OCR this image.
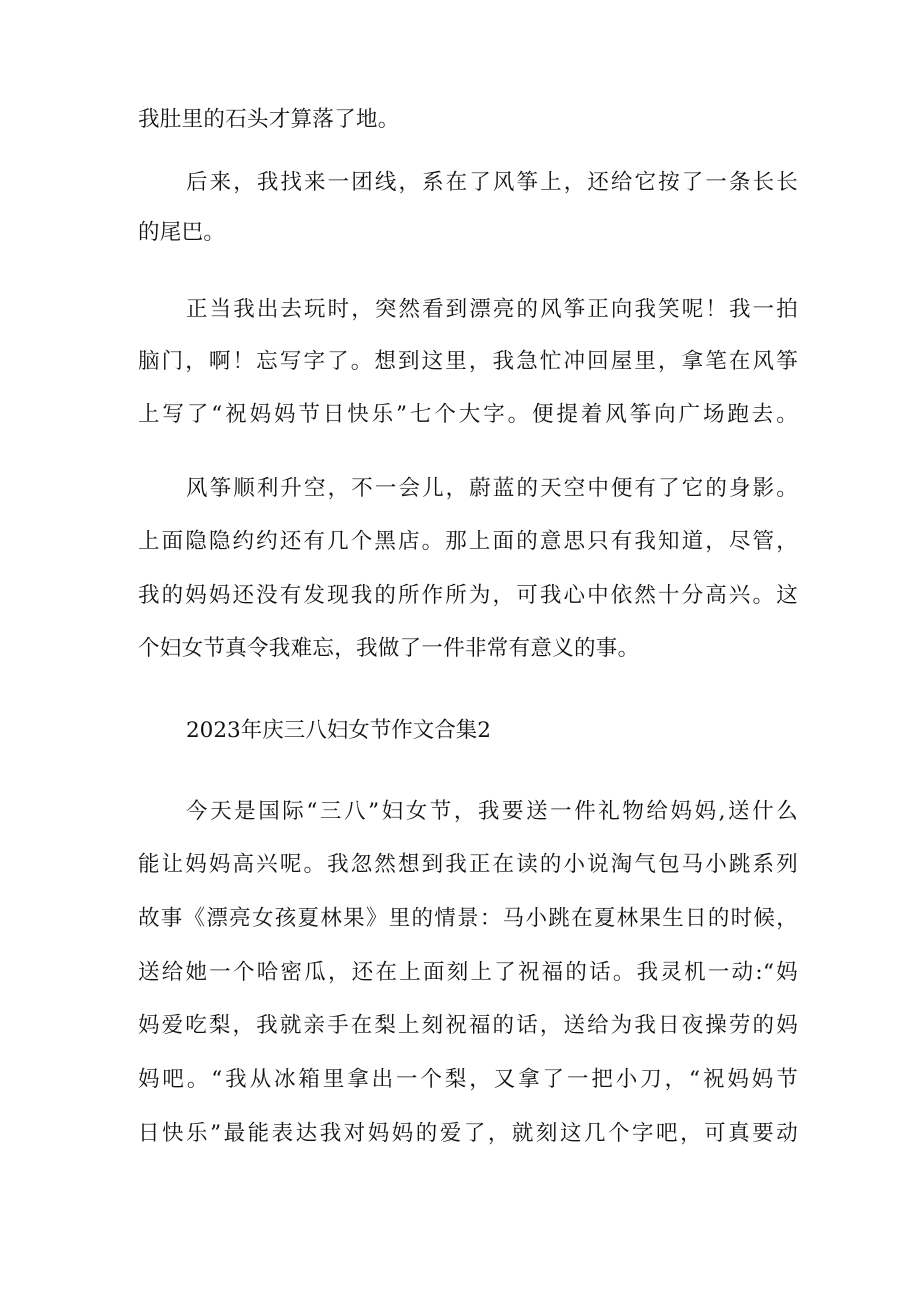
我肚里的石头才算落了地。
后来，我找来一团线，系在了风筝上，还给它按了一条长长
的尾巴。
正当我出去玩时，突然看到漂亮的风筝正向我笑呢！我一拍
脑门，啊！忘写字了。想到这里，我急忙冲回屋里，拿笔在风筝
上写了“祝妈妈节日快乐”七个大字。便提着风筝向广场跑去。
风筝顺利升空，不一会儿，蔚蓝的天空中便有了它的身影。
上面隐隐约约还有几个黑店。那上面的意思只有我知道，尽管，
我的妈妈还没有发现我的所作所为，可我心中依然十分高兴。这
个妇女节真令我难忘，我做了一件非常有意义的事。
2023年庆三八妇女节作文合集2
今天是国际“三八”妇女节，我要送一件礼物给妈妈,送什么
能让妈妈高兴呢。我忽然想到我正在读的小说淘气包马小跳系列
故事《漂亮女孩夏林果》里的情景：马小跳在夏林果生日的时候，
送给她一个哈密瓜，还在上面刻上了祝福的话。我灵机一动:“妈
妈爱吃梨，我就亲手在梨上刻祝福的话，送给为我日夜操劳的妈
妈吧。“我从冰箱里拿出一个梨，又拿了一把小刀，“祝妈妈节
日快乐”最能表达我对妈妈的爱了，就刻这几个字吧，可真要动
